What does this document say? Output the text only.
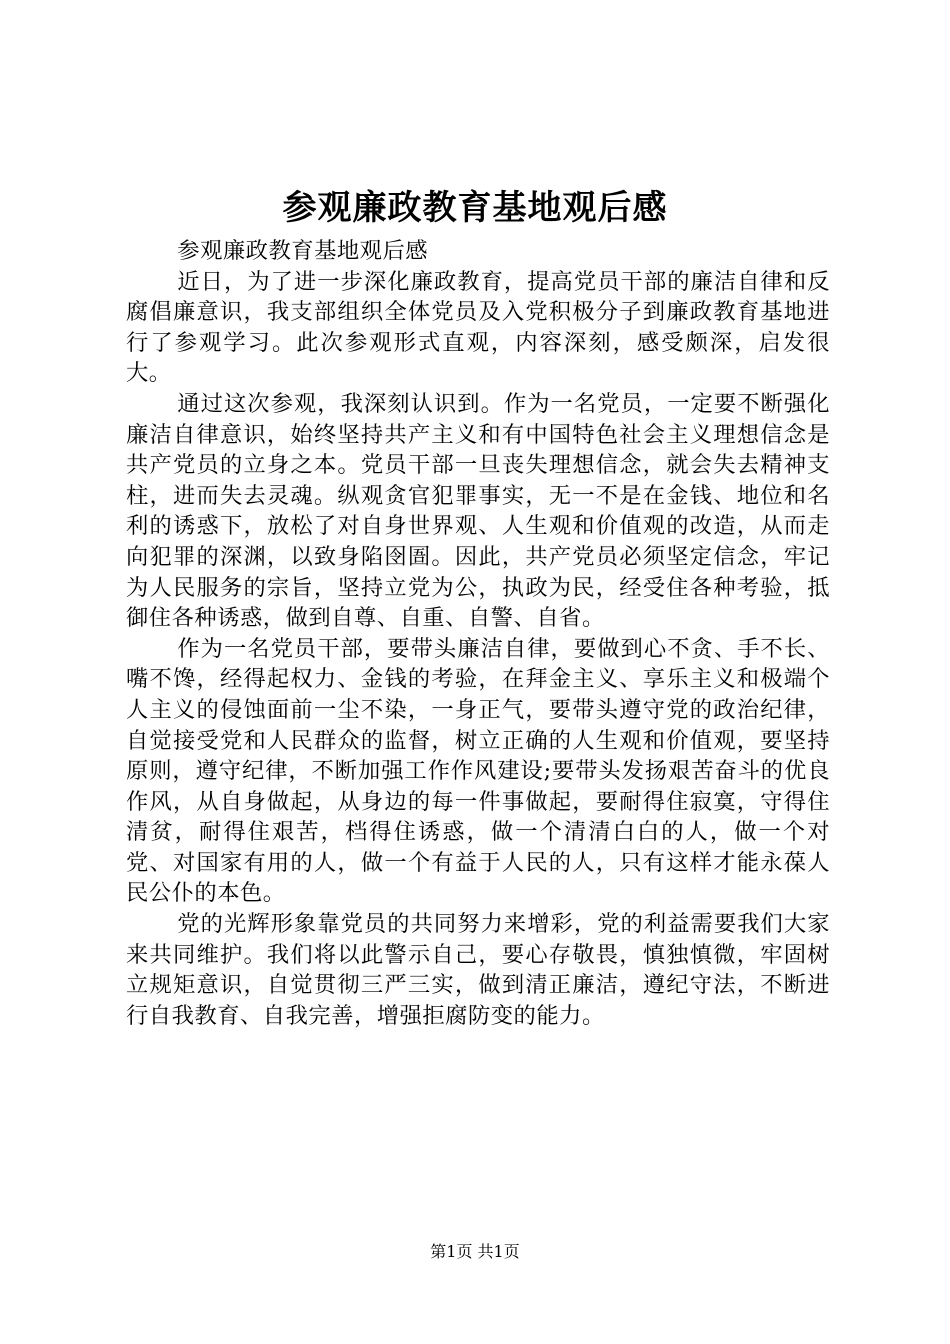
参观廉政教育基地观后感

参观廉政教育基地观后感

近日，为了进一步深化廉政教育，提高党员干部的廉洁自律和反腐倡廉意识，我支部组织全体党员及入党积极分子到廉政教育基地进行了参观学习。此次参观形式直观，内容深刻，感受颇深，启发很大。

通过这次参观，我深刻认识到。作为一名党员，一定要不断强化廉洁自律意识，始终坚持共产主义和有中国特色社会主义理想信念是共产党员的立身之本。党员干部一旦丧失理想信念，就会失去精神支柱，进而失去灵魂。纵观贪官犯罪事实，无一不是在金钱、地位和名利的诱惑下，放松了对自身世界观、人生观和价值观的改造，从而走向犯罪的深渊，以致身陷囹圄。因此，共产党员必须坚定信念，牢记为人民服务的宗旨，坚持立党为公，执政为民，经受住各种考验，抵御住各种诱惑，做到自尊、自重、自警、自省。

作为一名党员干部，要带头廉洁自律，要做到心不贪、手不长、嘴不馋，经得起权力、金钱的考验，在拜金主义、享乐主义和极端个人主义的侵蚀面前一尘不染，一身正气，要带头遵守党的政治纪律，自觉接受党和人民群众的监督，树立正确的人生观和价值观，要坚持原则，遵守纪律，不断加强工作作风建设;要带头发扬艰苦奋斗的优良作风，从自身做起，从身边的每一件事做起，要耐得住寂寞，守得住清贫，耐得住艰苦，档得住诱惑，做一个清清白白的人，做一个对党、对国家有用的人，做一个有益于人民的人，只有这样才能永葆人民公仆的本色。

党的光辉形象靠党员的共同努力来增彩，党的利益需要我们大家来共同维护。我们将以此警示自己，要心存敬畏，慎独慎微，牢固树立规矩意识，自觉贯彻三严三实，做到清正廉洁，遵纪守法，不断进行自我教育、自我完善，增强拒腐防变的能力。

第1页 共1页
